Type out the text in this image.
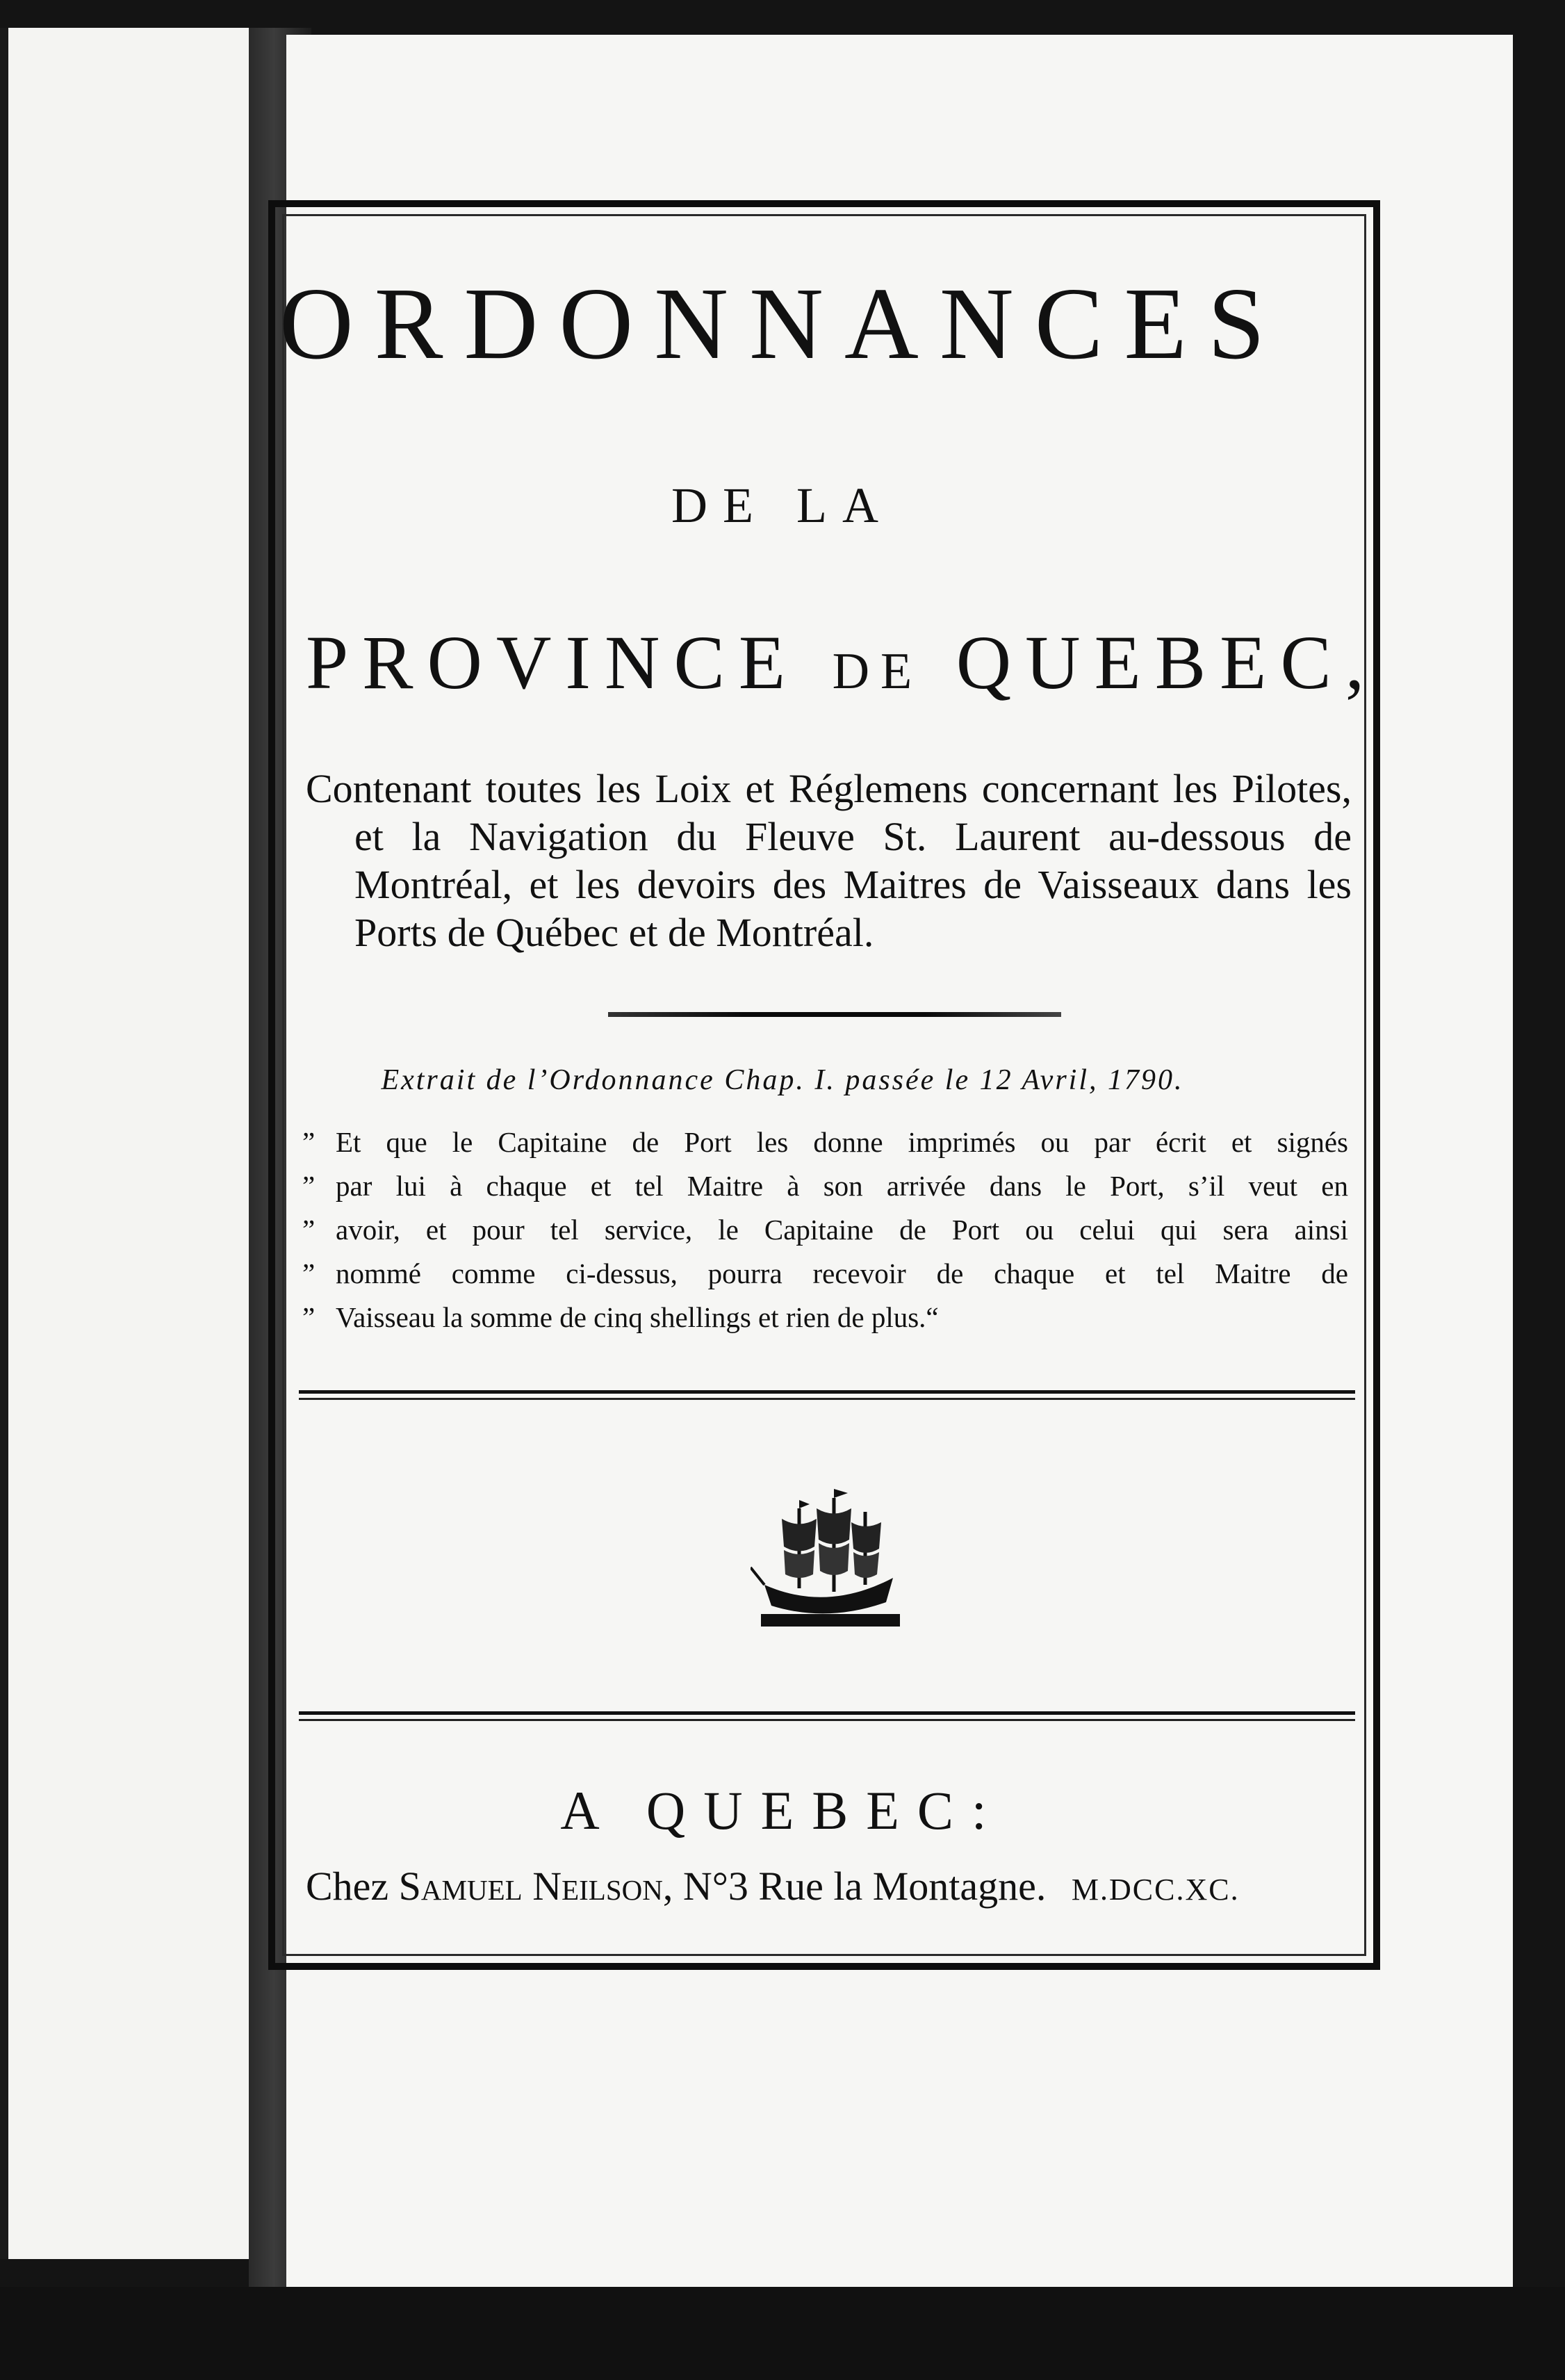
ORDONNANCES
DE LA
PROVINCE DE QUEBEC,
Contenant toutes les Loix et Réglemens concernant les Pilotes,
et la Navigation du Fleuve St. Laurent au-dessous de
Montréal, et les devoirs des Maitres de Vaisseaux dans les
Ports de Québec et de Montréal.
Extrait de l’Ordonnance Chap. I. passée le 12 Avril, 1790.
” Et que le Capitaine de Port les donne imprimés ou par écrit et signés
” par lui à chaque et tel Maitre à son arrivée dans le Port, s’il veut en
” avoir, et pour tel service, le Capitaine de Port ou celui qui sera ainsi
” nommé comme ci-dessus, pourra recevoir de chaque et tel Maitre de
” Vaisseau la somme de cinq shellings et rien de plus.“
A QUEBEC:
Chez Samuel Neilson, N°3 Rue la Montagne. M.DCC.XC.
